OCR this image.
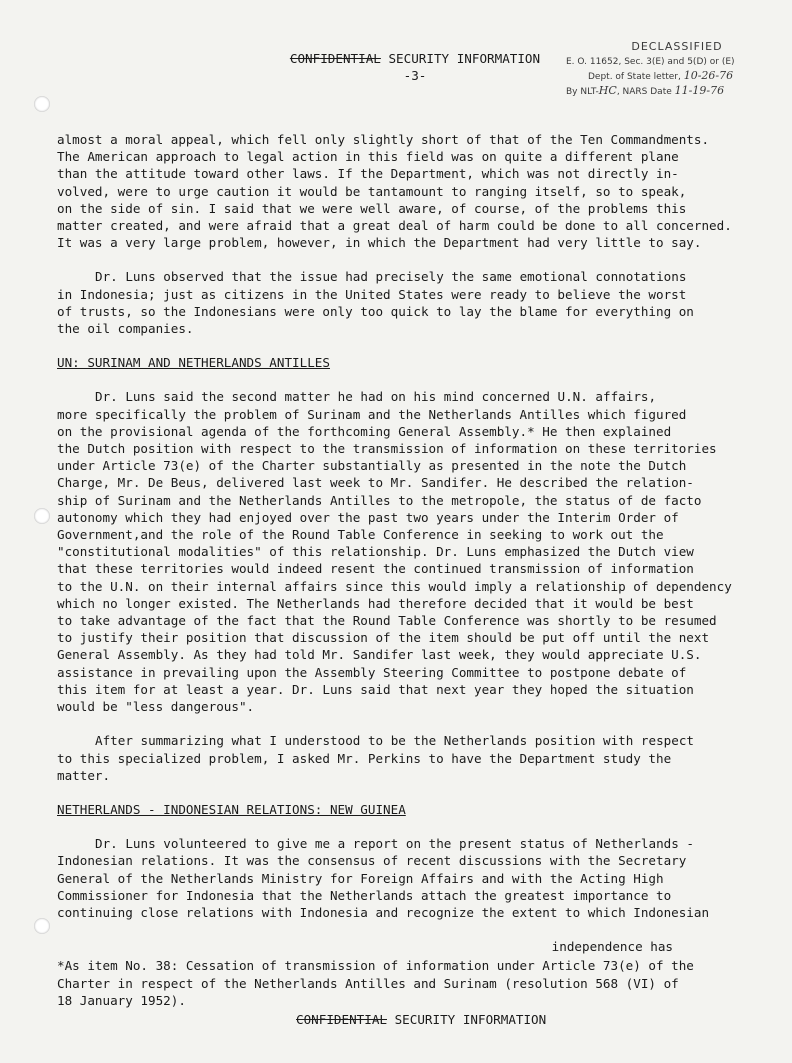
CONFIDENTIAL SECURITY INFORMATION
-3-
DECLASSIFIED
E. O. 11652, Sec. 3(E) and 5(D) or (E)
Dept. of State letter, 10-26-76
By NLT-HC, NARS Date 11-19-76

almost a moral appeal, which fell only slightly short of that of the Ten Commandments.
The American approach to legal action in this field was on quite a different plane
than the attitude toward other laws. If the Department, which was not directly in-
volved, were to urge caution it would be tantamount to ranging itself, so to speak,
on the side of sin. I said that we were well aware, of course, of the problems this
matter created, and were afraid that a great deal of harm could be done to all concerned.
It was a very large problem, however, in which the Department had very little to say.

Dr. Luns observed that the issue had precisely the same emotional connotations
in Indonesia; just as citizens in the United States were ready to believe the worst
of trusts, so the Indonesians were only too quick to lay the blame for everything on
the oil companies.

UN: SURINAM AND NETHERLANDS ANTILLES

Dr. Luns said the second matter he had on his mind concerned U.N. affairs,
more specifically the problem of Surinam and the Netherlands Antilles which figured
on the provisional agenda of the forthcoming General Assembly.* He then explained
the Dutch position with respect to the transmission of information on these territories
under Article 73(e) of the Charter substantially as presented in the note the Dutch
Charge, Mr. De Beus, delivered last week to Mr. Sandifer. He described the relation-
ship of Surinam and the Netherlands Antilles to the metropole, the status of de facto
autonomy which they had enjoyed over the past two years under the Interim Order of
Government,and the role of the Round Table Conference in seeking to work out the
"constitutional modalities" of this relationship. Dr. Luns emphasized the Dutch view
that these territories would indeed resent the continued transmission of information
to the U.N. on their internal affairs since this would imply a relationship of dependency
which no longer existed. The Netherlands had therefore decided that it would be best
to take advantage of the fact that the Round Table Conference was shortly to be resumed
to justify their position that discussion of the item should be put off until the next
General Assembly. As they had told Mr. Sandifer last week, they would appreciate U.S.
assistance in prevailing upon the Assembly Steering Committee to postpone debate of
this item for at least a year. Dr. Luns said that next year they hoped the situation
would be "less dangerous".

After summarizing what I understood to be the Netherlands position with respect
to this specialized problem, I asked Mr. Perkins to have the Department study the
matter.

NETHERLANDS - INDONESIAN RELATIONS: NEW GUINEA

Dr. Luns volunteered to give me a report on the present status of Netherlands -
Indonesian relations. It was the consensus of recent discussions with the Secretary
General of the Netherlands Ministry for Foreign Affairs and with the Acting High
Commissioner for Indonesia that the Netherlands attach the greatest importance to
continuing close relations with Indonesia and recognize the extent to which Indonesian

independence has

*As item No. 38: Cessation of transmission of information under Article 73(e) of the
Charter in respect of the Netherlands Antilles and Surinam (resolution 568 (VI) of
18 January 1952).

CONFIDENTIAL SECURITY INFORMATION
